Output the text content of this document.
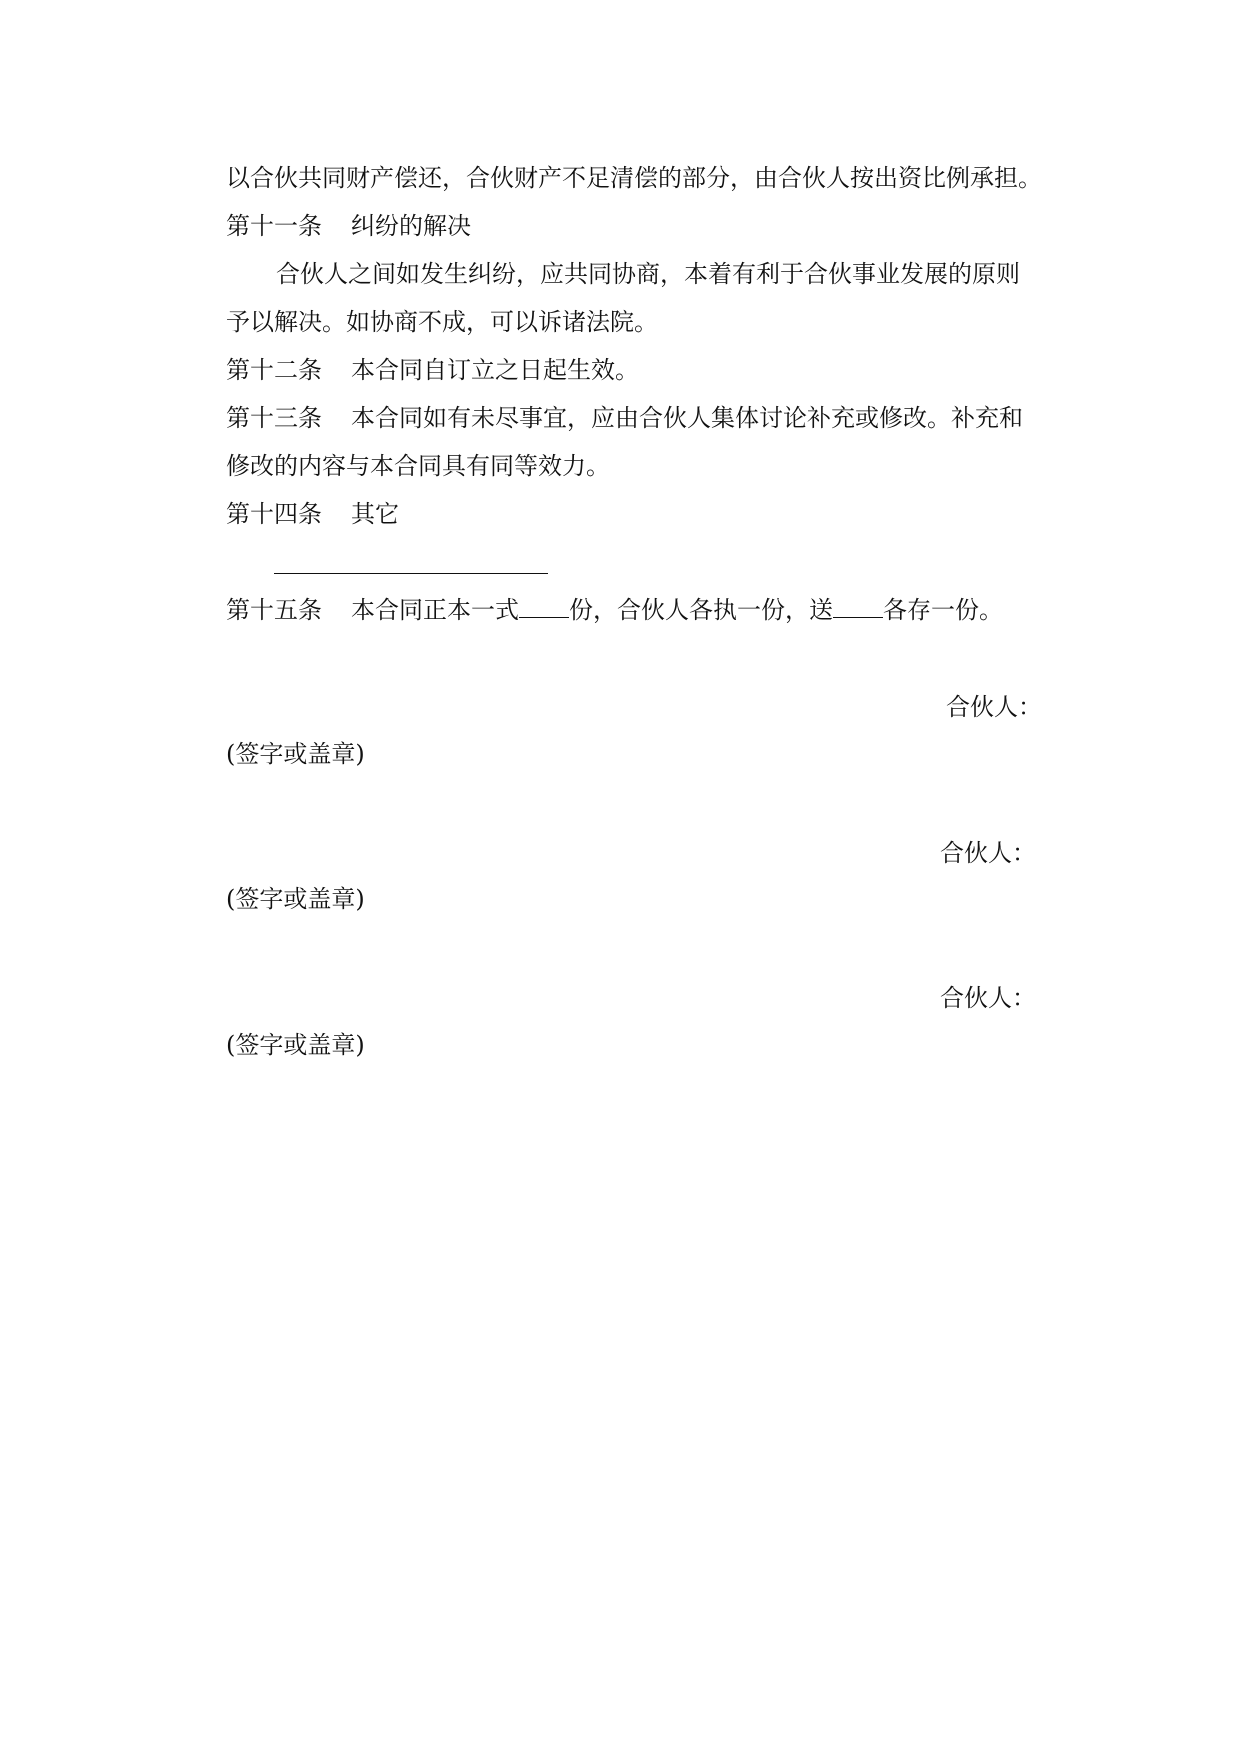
以合伙共同财产偿还，合伙财产不足清偿的部分，由合伙人按出资比例承担。

第十一条 纠纷的解决

合伙人之间如发生纠纷，应共同协商，本着有利于合伙事业发展的原则

予以解决。如协商不成，可以诉诸法院。

第十二条 本合同自订立之日起生效。

第十三条 本合同如有未尽事宜，应由合伙人集体讨论补充或修改。补充和

修改的内容与本合同具有同等效力。

第十四条 其它

第十五条 本合同正本一式 份，合伙人各执一份，送 各存一份。

合伙人：

(签字或盖章)

合伙人：

(签字或盖章)

合伙人：

(签字或盖章)
